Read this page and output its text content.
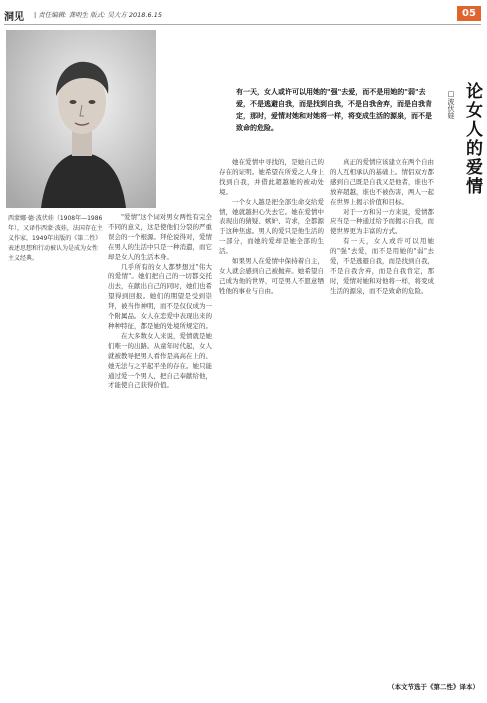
洞见 | 责任编辑: 龚明生 版式: 吴大方 2018.6.15	05

西蒙娜·德·波伏娃（1908年—1986年），又译作西蒙·波娃，法国存在主义作家，1949年出版的《第二性》表述思想和行动被认为是成为女性主义经典。

有一天，女人或许可以用她的"强"去爱，而不是用她的"弱"去爱，不是逃避自我，而是找到自我，不是自我舍弃，而是自我肯定，那时，爱情对她和对她将一样，将变成生活的源泉，而不是致命的危险。	论女人的爱情
□波伏娃

"爱情"这个词对男女两性有完全不同的意义，这是使他们分裂的严重误会的一个根源。拜伦说得对，爱情在男人的生活中只是一种消遣，而它却是女人的生活本身。

几乎所有的女人都梦想过"伟大的爱情"。她们把自己的一切都交托出去，在献出自己的同时，她们也希望得到回报。她们的期望是受到崇拜，被当作神明，而不是仅仅成为一个附属品。女人在恋爱中表现出来的种种特征，都是她的处境所规定的。

在大多数女人来说，爱情就是她们唯一的出路。从童年时代起，女人就被教导把男人看作是高高在上的、她无法与之平起平坐的存在。她只能通过爱一个男人，把自己奉献给他，才能使自己获得价值。

她在爱情中寻找的，是她自己的存在的证明。她希望在所爱之人身上找到自我，并借此超越她的被动处境。

一个女人越是把全部生命交给爱情，她就越担心失去它。她在爱情中表现出的猜疑、嫉妒、苛求，全都源于这种焦虑。男人的爱只是他生活的一部分，而她的爱却是她全部的生活。

如果男人在爱情中保持着自主，女人就会感到自己被抛弃。她希望自己成为他的世界，可是男人不愿意牺牲他的事业与自由。

真正的爱情应该建立在两个自由的人互相承认的基础上。情侣双方都感到自己既是自我又是他者，谁也不放弃超越，谁也不被伤害，两人一起在世界上揭示价值和目标。

对于一方和另一方来说，爱情都应当是一种通过给予而揭示自我，而使世界更为丰富的方式。

有一天，女人或许可以用她的"强"去爱，而不是用她的"弱"去爱，不是逃避自我，而是找到自我，不是自我舍弃，而是自我肯定，那时，爱情对她和对他将一样，将变成生活的源泉，而不是致命的危险。

（本文节选于《第二性》译本）
